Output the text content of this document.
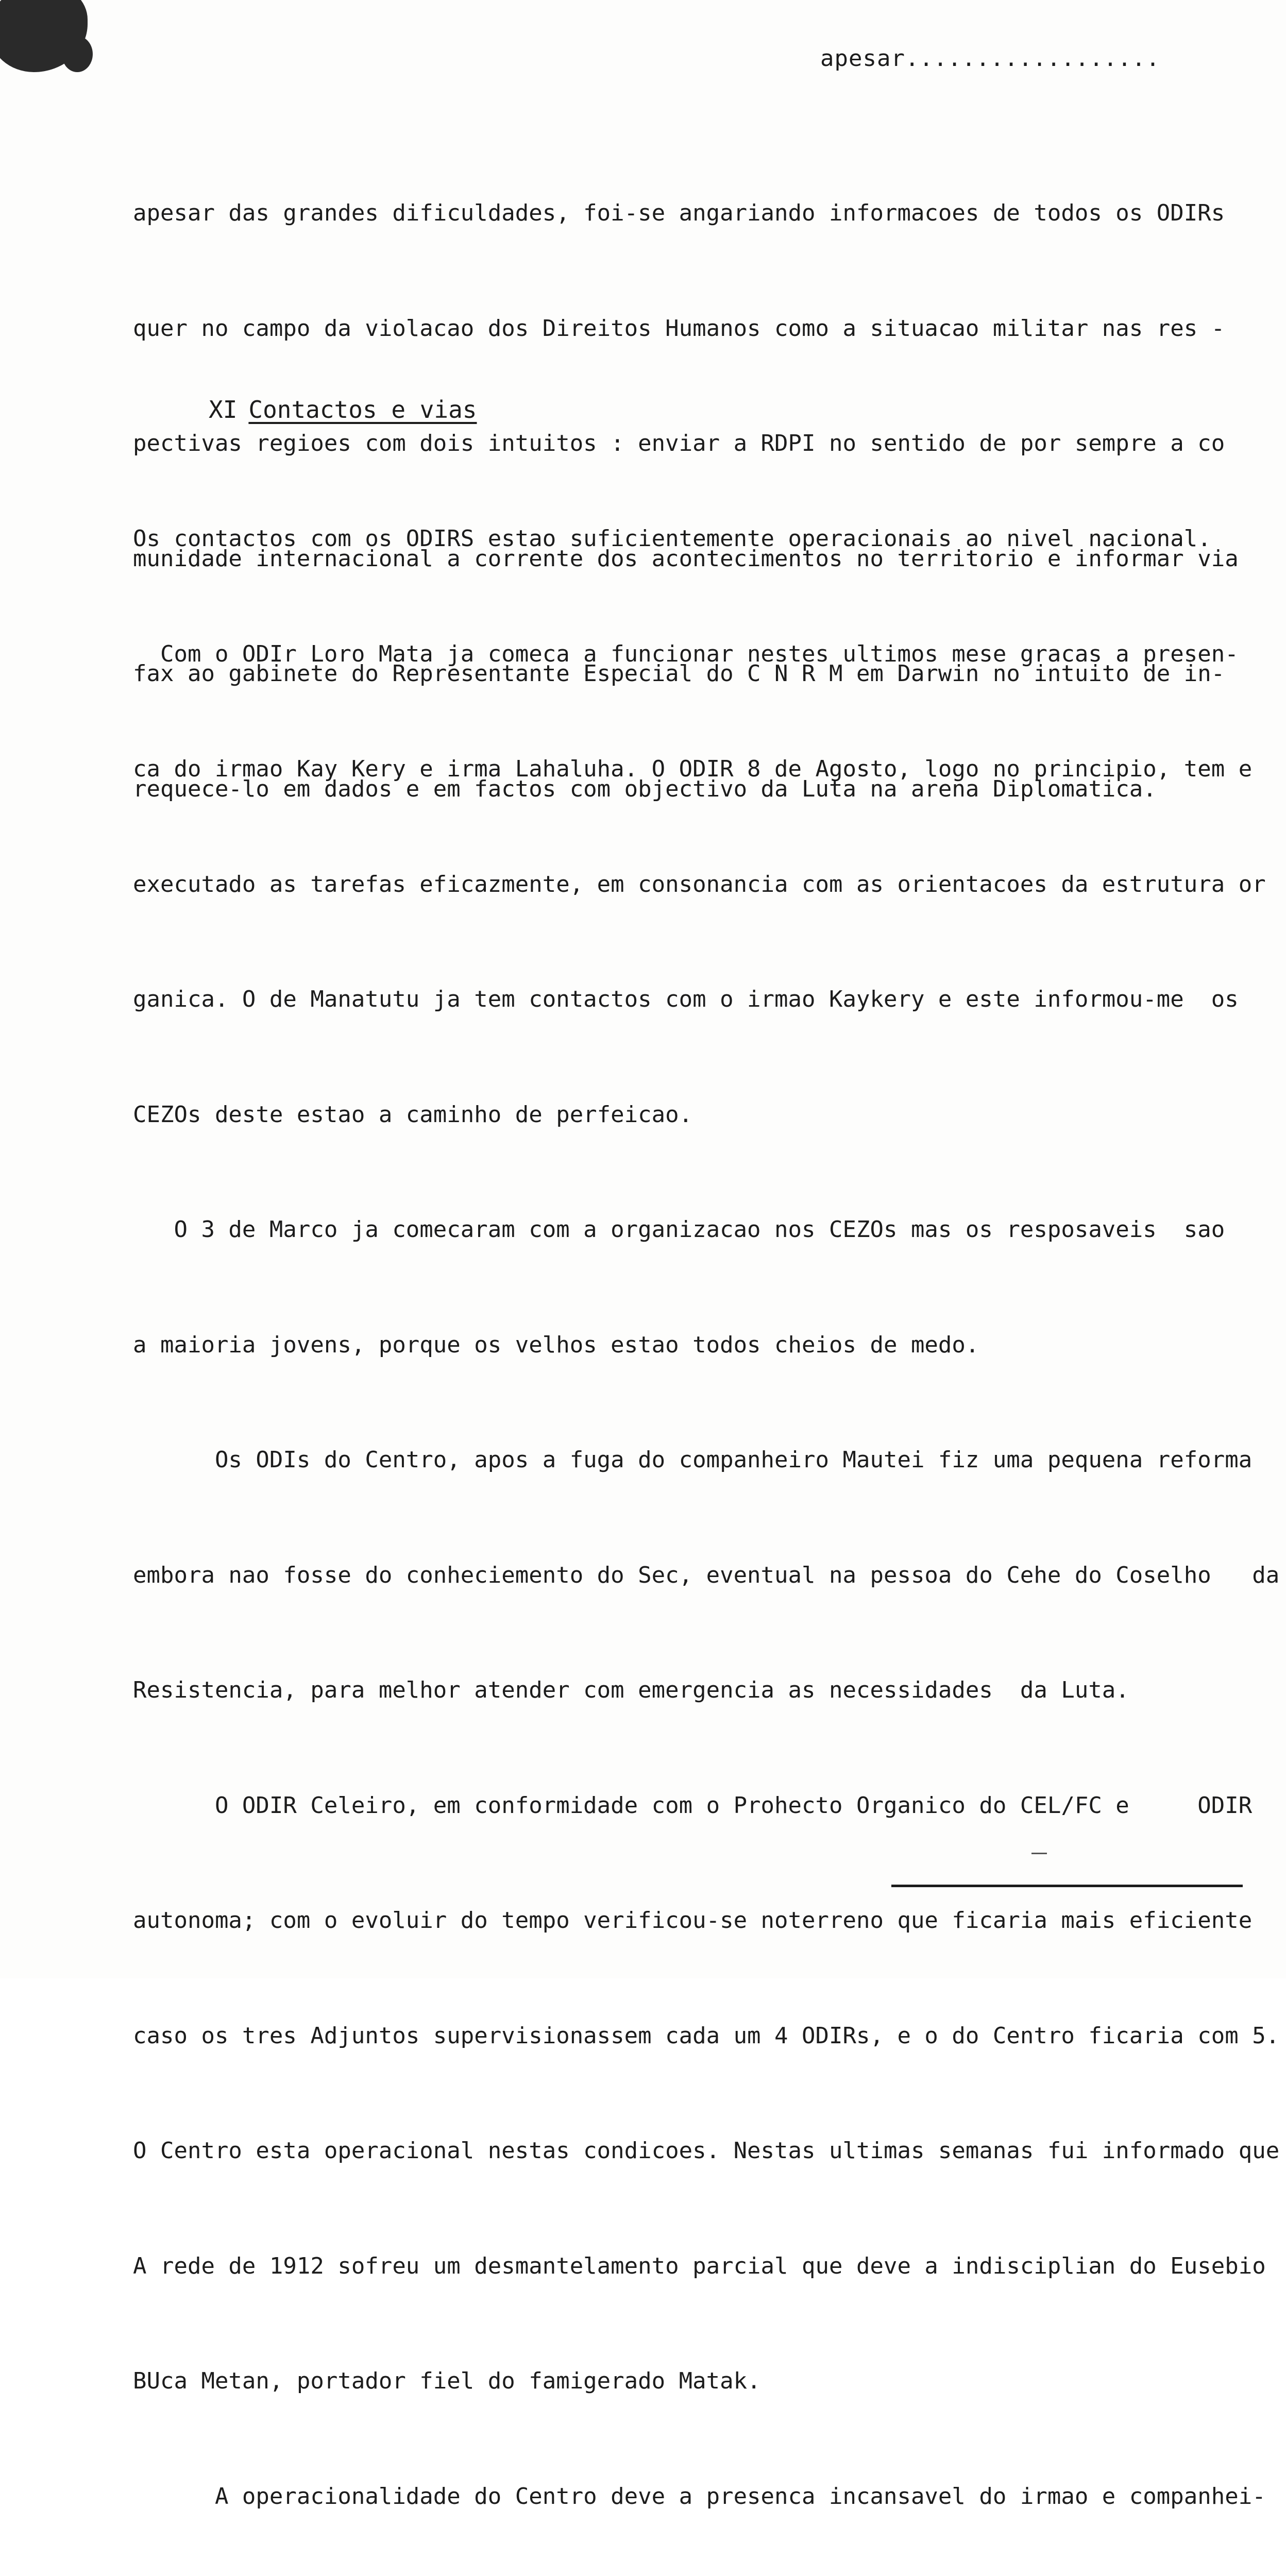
apesar..................

apesar das grandes dificuldades, foi-se angariando informacoes de todos os ODIRs

quer no campo da violacao dos Direitos Humanos como a situacao militar nas res -

pectivas regioes com dois intuitos : enviar a RDPI no sentido de por sempre a co

munidade internacional a corrente dos acontecimentos no territorio e informar via

fax ao gabinete do Representante Especial do C N R M em Darwin no intuito de in-

requece-lo em dados e em factos com objectivo da Luta na arena Diplomatica.

XI Contactos e vias

Os contactos com os ODIRS estao suficientemente operacionais ao nivel nacional.

Com o ODIr Loro Mata ja comeca a funcionar nestes ultimos mese gracas a presen-

ca do irmao Kay Kery e irma Lahaluha. O ODIR 8 de Agosto, logo no principio, tem e

executado as tarefas eficazmente, em consonancia com as orientacoes da estrutura or

ganica. O de Manatutu ja tem contactos com o irmao Kaykery e este informou-me  os

CEZOs deste estao a caminho de perfeicao.

O 3 de Marco ja comecaram com a organizacao nos CEZOs mas os resposaveis  sao

a maioria jovens, porque os velhos estao todos cheios de medo.

Os ODIs do Centro, apos a fuga do companheiro Mautei fiz uma pequena reforma

embora nao fosse do conheciemento do Sec, eventual na pessoa do Cehe do Coselho   da

Resistencia, para melhor atender com emergencia as necessidades  da Luta.

O ODIR Celeiro, em conformidade com o Prohecto Organico do CEL/FC e     ODIR

autonoma; com o evoluir do tempo verificou-se noterreno que ficaria mais eficiente

caso os tres Adjuntos supervisionassem cada um 4 ODIRs, e o do Centro ficaria com 5.

O Centro esta operacional nestas condicoes. Nestas ultimas semanas fui informado que

A rede de 1912 sofreu um desmantelamento parcial que deve a indisciplian do Eusebio

BUca Metan, portador fiel do famigerado Matak.

A operacionalidade do Centro deve a presenca incansavel do irmao e companhei-
